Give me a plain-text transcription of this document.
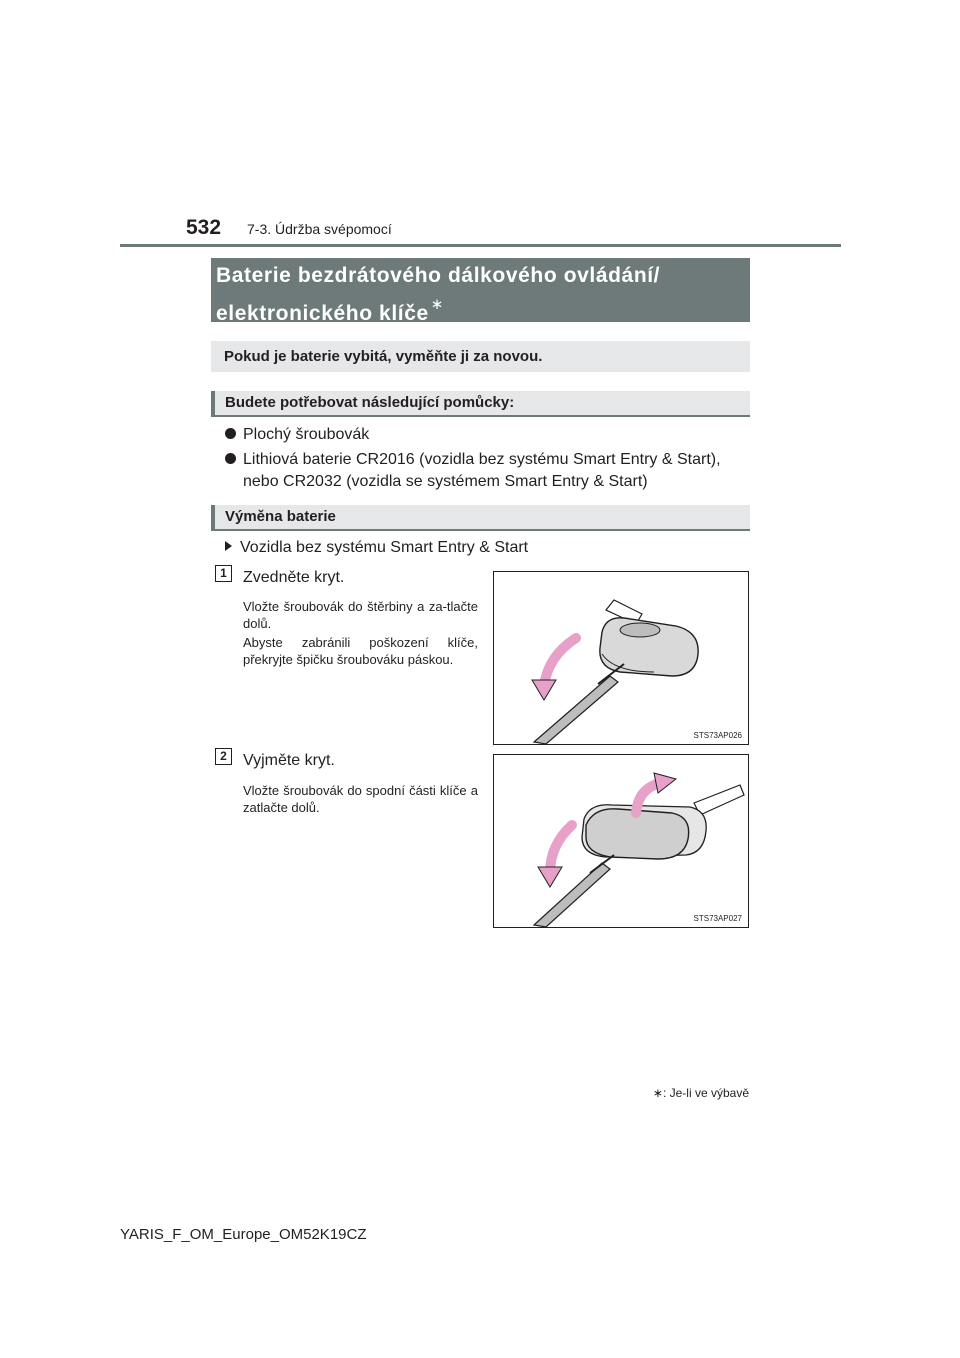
532 7-3. Údržba svépomocí
Baterie bezdrátového dálkového ovládání/ elektronického klíče ∗
Pokud je baterie vybitá, vyměňte ji za novou.
Budete potřebovat následující pomůcky:
Plochý šroubovák
Lithiová baterie CR2016 (vozidla bez systému Smart Entry & Start),
nebo CR2032 (vozidla se systémem Smart Entry & Start)
Výměna baterie
Vozidla bez systému Smart Entry & Start
1	Zvedněte kryt.
Vložte šroubovák do štěrbiny a za-tlačte dolů.
Abyste zabránili poškození klíče, překryjte špičku šroubováku páskou.
STS73AP026
2	Vyjměte kryt.
Vložte šroubovák do spodní části klíče a zatlačte dolů.
STS73AP027
∗: Je-li ve výbavě
YARIS_F_OM_Europe_OM52K19CZ
